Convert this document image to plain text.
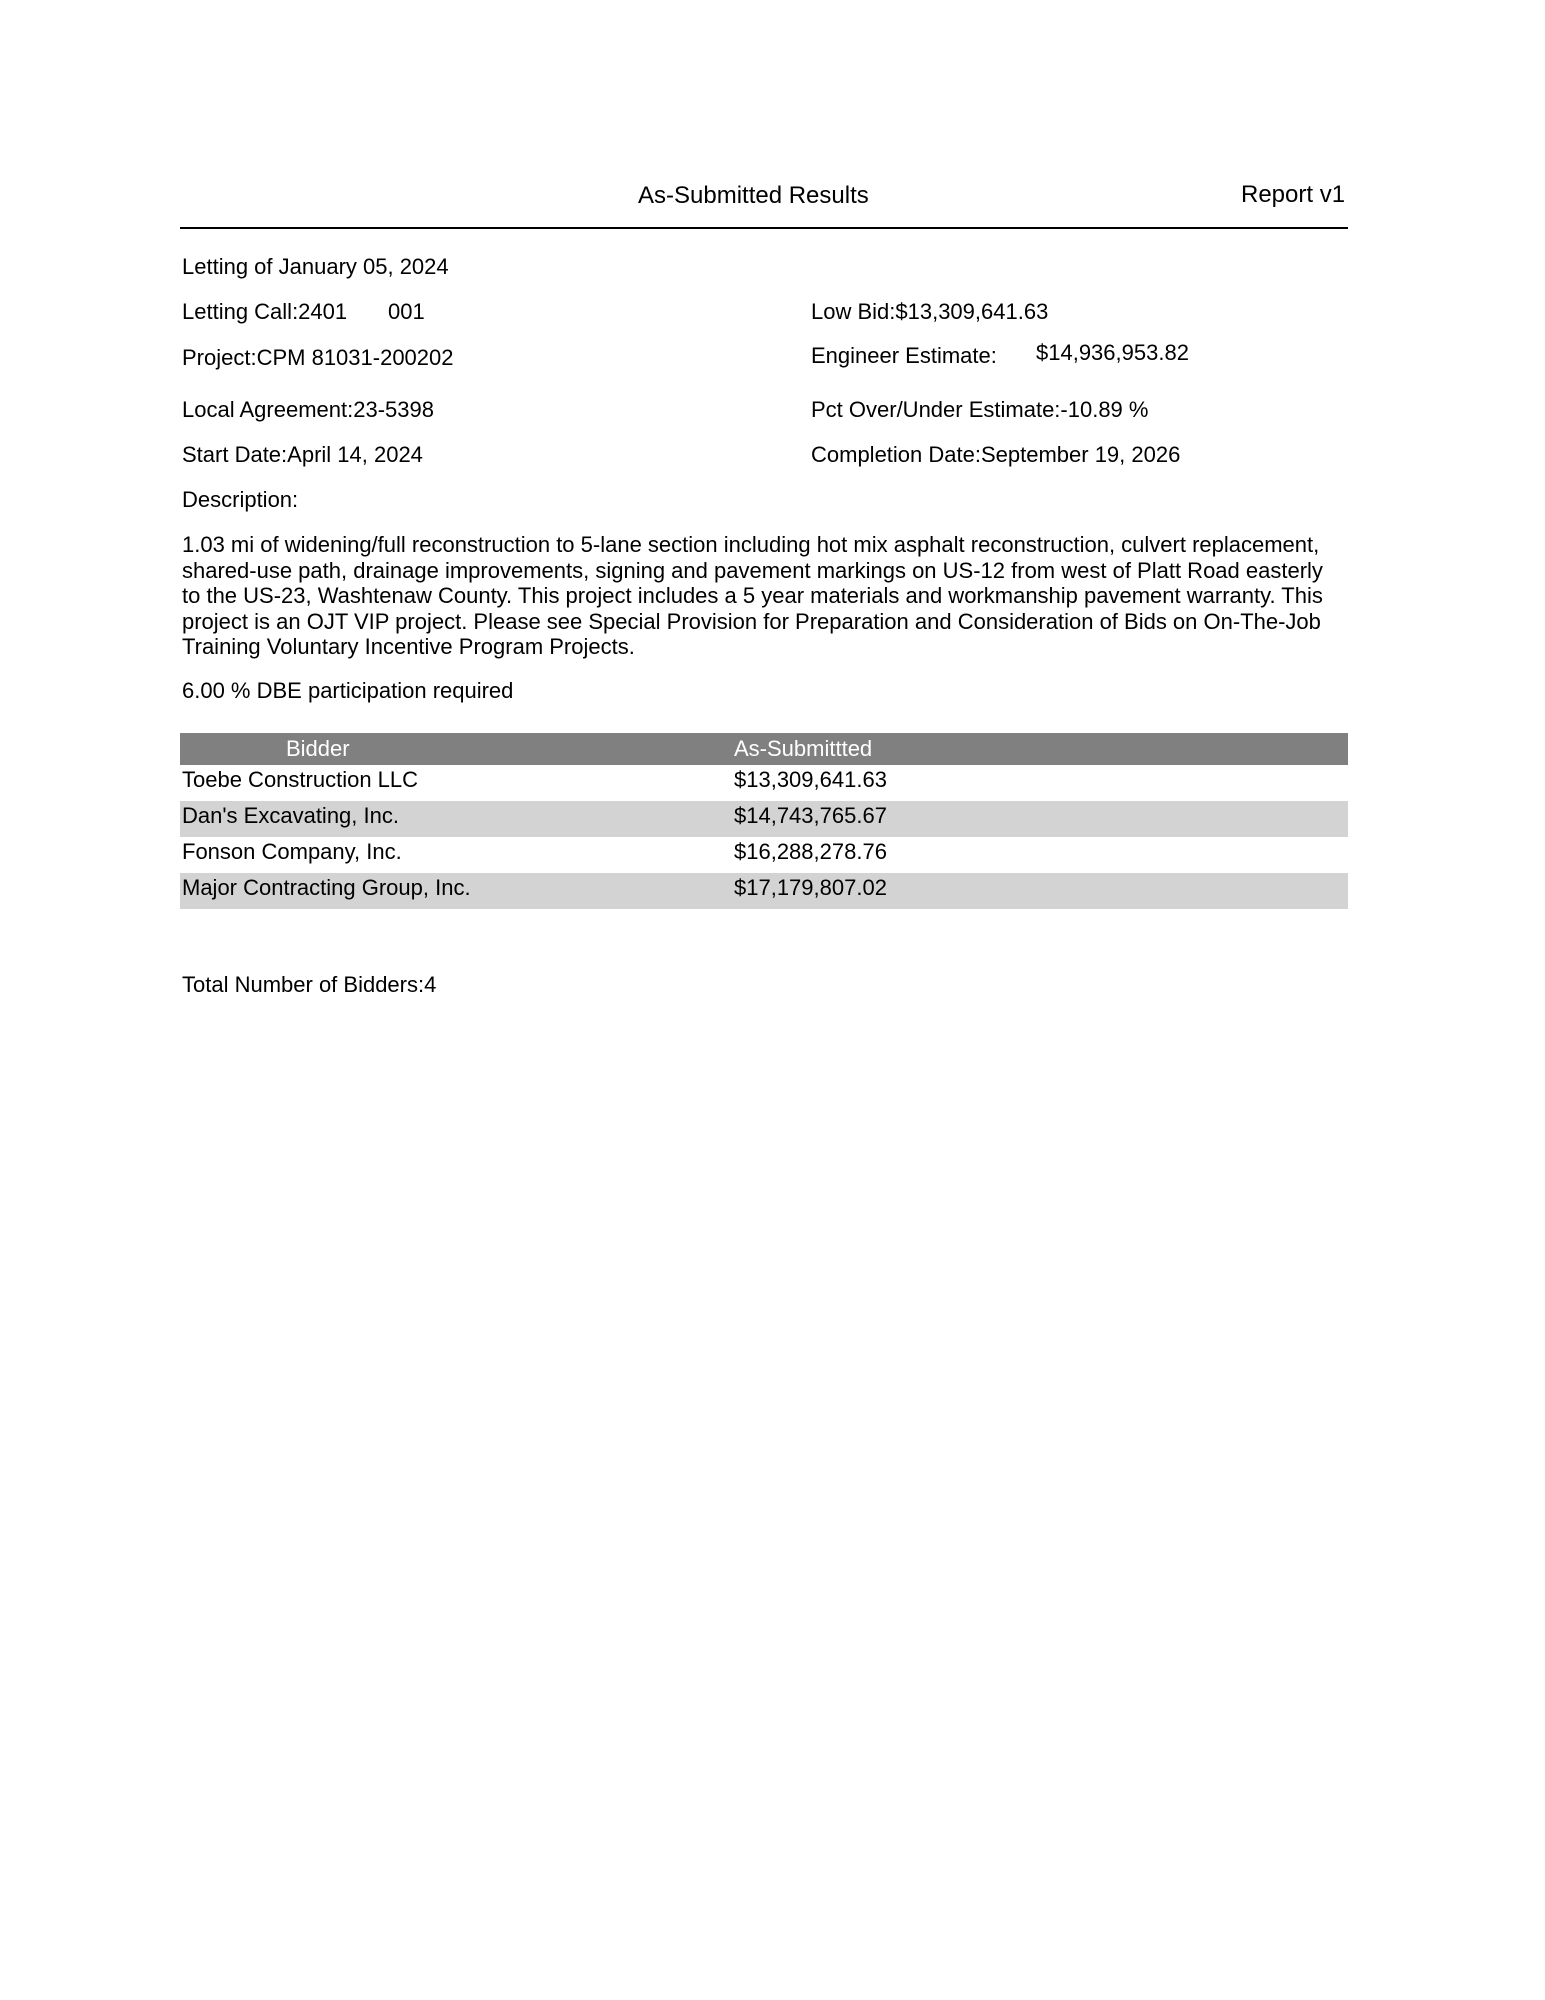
As-Submitted Results	Report v1
Letting of January 05, 2024
Letting Call:2401 001
Project:CPM 81031-200202
Local Agreement:23-5398
Start Date:April 14, 2024
Description:
Low Bid:$13,309,641.63
Engineer Estimate: $14,936,953.82
Pct Over/Under Estimate:-10.89 %
Completion Date:September 19, 2026
1.03 mi of widening/full reconstruction to 5-lane section including hot mix asphalt reconstruction, culvert replacement, shared-use path, drainage improvements, signing and pavement markings on US-12 from west of Platt Road easterly to the US-23, Washtenaw County. This project includes a 5 year materials and workmanship pavement warranty. This project is an OJT VIP project. Please see Special Provision for Preparation and Consideration of Bids on On-The-Job Training Voluntary Incentive Program Projects.
6.00 % DBE participation required
Bidder	As-Submittted
Toebe Construction LLC	$13,309,641.63
Dan's Excavating, Inc.	$14,743,765.67
Fonson Company, Inc.	$16,288,278.76
Major Contracting Group, Inc.	$17,179,807.02
Total Number of Bidders:4
